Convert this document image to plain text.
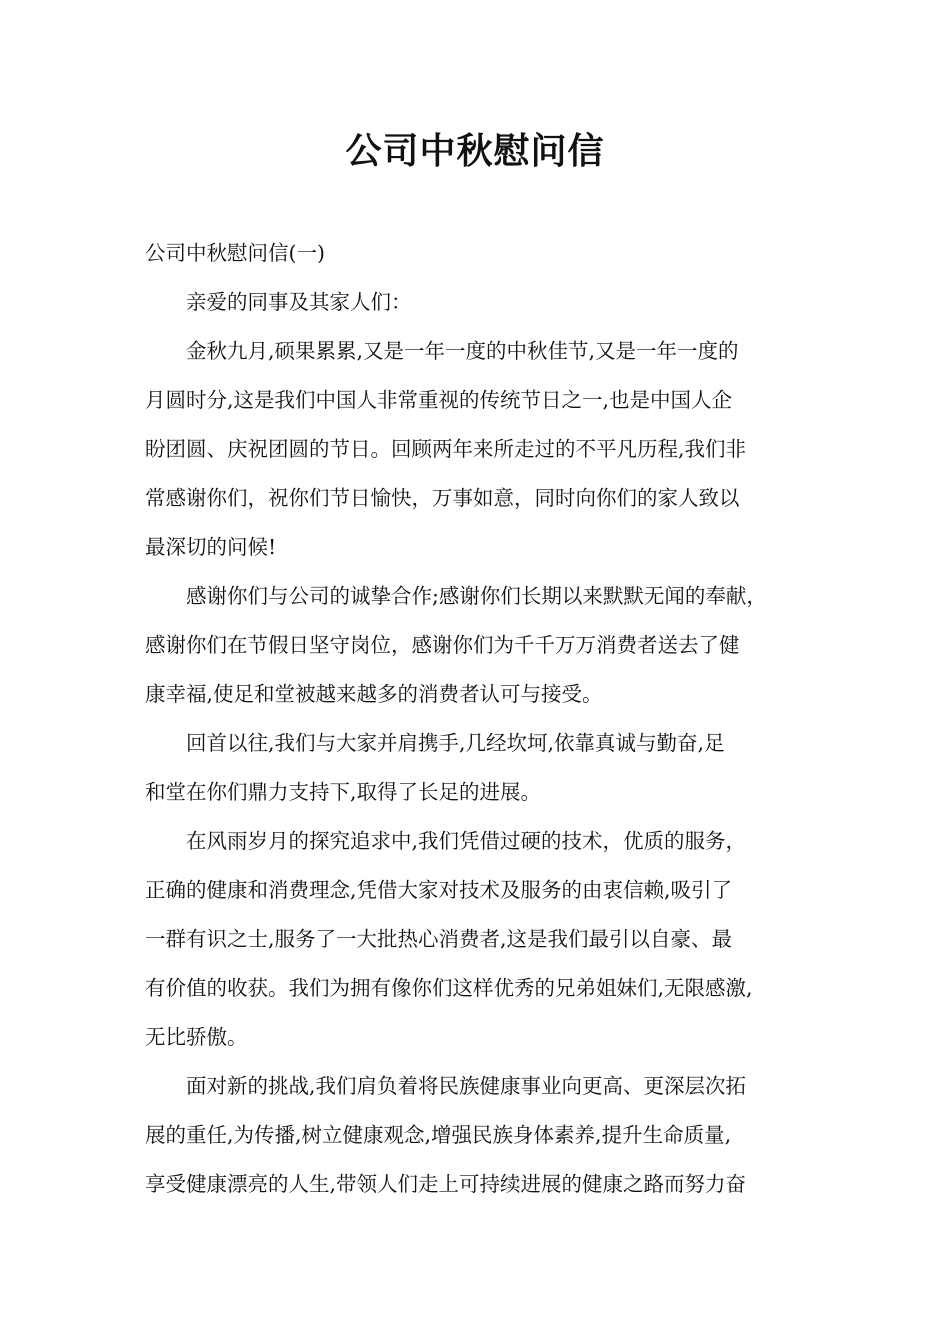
公司中秋慰问信

公司中秋慰问信(一)

亲爱的同事及其家人们：

金秋九月,硕果累累,又是一年一度的中秋佳节,又是一年一度的
月圆时分,这是我们中国人非常重视的传统节日之一,也是中国人企
盼团圆、庆祝团圆的节日。回顾两年来所走过的不平凡历程,我们非
常感谢你们，祝你们节日愉快，万事如意，同时向你们的家人致以
最深切的问候!

感谢你们与公司的诚挚合作;感谢你们长期以来默默无闻的奉献，
感谢你们在节假日坚守岗位，感谢你们为千千万万消费者送去了健
康幸福,使足和堂被越来越多的消费者认可与接受。

回首以往,我们与大家并肩携手,几经坎坷,依靠真诚与勤奋,足
和堂在你们鼎力支持下,取得了长足的进展。

在风雨岁月的探究追求中,我们凭借过硬的技术，优质的服务，
正确的健康和消费理念,凭借大家对技术及服务的由衷信赖,吸引了
一群有识之士,服务了一大批热心消费者,这是我们最引以自豪、最
有价值的收获。我们为拥有像你们这样优秀的兄弟姐妹们,无限感激,
无比骄傲。

面对新的挑战,我们肩负着将民族健康事业向更高、更深层次拓
展的重任,为传播,树立健康观念,增强民族身体素养,提升生命质量,
享受健康漂亮的人生,带领人们走上可持续进展的健康之路而努力奋
